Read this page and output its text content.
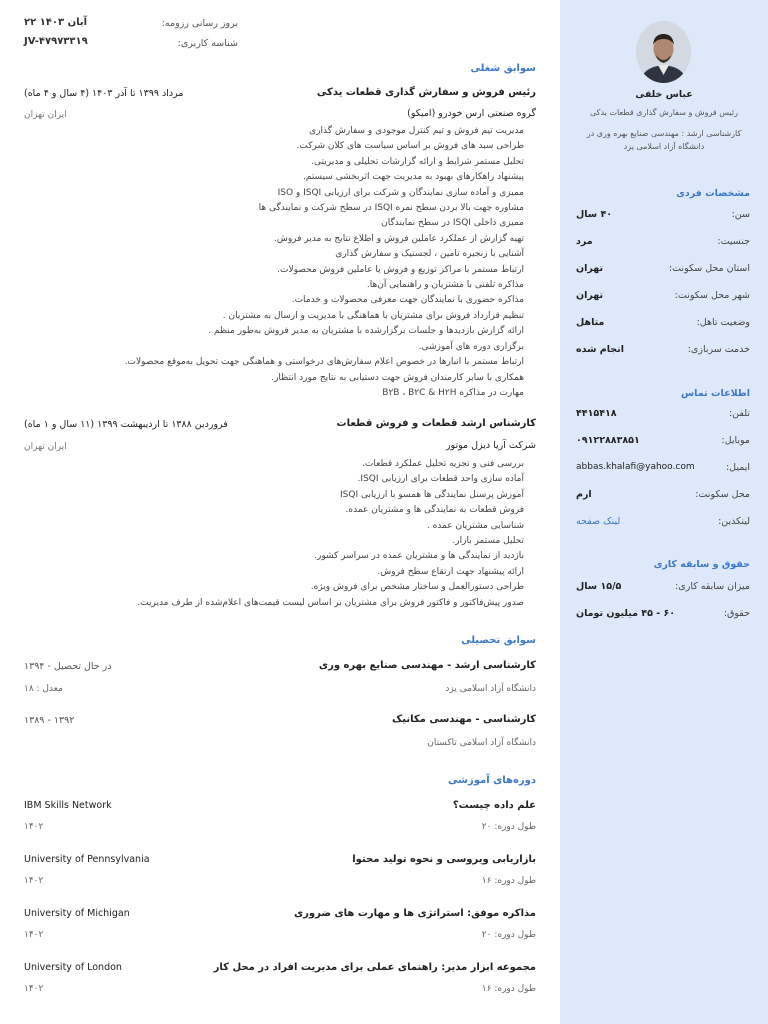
عباس خلفی
رئیس فروش و سفارش گذاری قطعات یدکی
کارشناسی ارشد : مهندسی صنایع بهره وری در
دانشگاه آزاد اسلامی یزد
مشخصات فردی
سن:
۴۰ سال
جنسیت:
مرد
استان محل سکونت:
تهران
شهر محل سکونت:
تهران
وضعیت تاهل:
متاهل
خدمت سربازی:
انجام شده
اطلاعات تماس
تلفن:
۴۴۱۵۴۱۸
موبایل:
۰۹۱۲۲۸۸۳۸۵۱
ایمیل:
abbas.khalafi@yahoo.com
محل سکونت:
ارم
لینکدین:
لینک صفحه
حقوق و سابقه کاری
میزان سابقه کاری:
۱۵/۵ سال
حقوق:
۶۰ - ۴۵ میلیون تومان
بروز رسانی رزومه:
۲۲ آبان ۱۴۰۳
شناسه کاربری:
JV-۴۷۹۷۳۳۱۹
سوابق شغلی
رئیس فروش و سفارش گذاری قطعات یدکی
مرداد ۱۳۹۹ تا آذر ۱۴۰۳ (۴ سال و ۴ ماه)
گروه صنعتی ارس خودرو (امیکو)
ایران تهران
مدیریت تیم فروش و تیم کنترل موجودی و سفارش گذاری
طراحی سبد های فروش بر اساس سیاست های کلان شرکت.
تحلیل مستمر شرایط و ارائه گزارشات تحلیلی و مدیریتی.
پیشنهاد راهکارهای بهبود به مدیریت جهت اثربخشی سیستم.
ممیزی و آماده سازی نمایندگان و شرکت برای ارزیابی ISQI و ISO
مشاوره جهت بالا بردن سطح نمره ISQI در سطح شرکت و نمایندگی ها
ممیزی داخلی ISQI در سطح نمایندگان
تهیه گزارش از عملکرد عاملین فروش و اطلاع نتایج به مدیر فروش.
آشنایی با زنجیره تامین ، لجستیک و سفارش گذاری
ارتباط مستمر با مراکز توزیع و فروش یا عاملین فروش محصولات.
مذاکره تلفنی با مشتریان و راهنمایی آن‌ها.
مذاکره حضوری با نمایندگان جهت معرفی محصولات و خدمات.
تنظیم قرارداد فروش برای مشتریان با هماهنگی با مدیریت و ارسال به مشتریان .
ارائه گزارش بازدیدها و جلسات برگزارشده با مشتریان به مدیر فروش به‌طور منظم .
برگزاری دوره های آموزشی.
ارتباط مستمر با انبارها در خصوص اعلام سفارش‌های درخواستی و هماهنگی جهت تحویل به‌موقع محصولات.
همکاری با سایر کارمندان فروش جهت دستیابی به نتایج مورد انتظار.
مهارت در مذاکره B۲B ، B۲C & H۲H
کارشناس ارشد قطعات و فروش قطعات
فروردین ۱۳۸۸ تا اردیبهشت ۱۳۹۹ (۱۱ سال و ۱ ماه)
شرکت آریا دیزل موتور
ایران تهران
بررسی فنی و تجزیه تحلیل عملکرد قطعات.
آماده سازی واحد قطعات برای ارزیابی ISQI.
آموزش پرسنل نمایندگی ها همسو با ارزیابی ISQI
فروش قطعات به نمایندگی ها و مشتریان عمده.
شناسایی مشتریان عمده .
تحلیل مستمر بازار.
بازدید از نمایندگی ها و مشتریان عمده در سراسر کشور.
ارائه پیشنهاد جهت ارتقاع سطح فروش.
طراحی دستورالعمل و ساختار مشخص برای فروش ویژه.
صدور پیش‌فاکتور و فاکتور فروش برای مشتریان بر اساس لیست قیمت‌های اعلام‌شده از طرف مدیریت.
سوابق تحصیلی
کارشناسی ارشد - مهندسی صنایع بهره وری
در حال تحصیل - ۱۳۹۴
دانشگاه آزاد اسلامی یزد
معدل : ۱۸
کارشناسی - مهندسی مکانیک
۱۳۹۲ - ۱۳۸۹
دانشگاه آزاد اسلامی تاکستان
دوره‌های آموزشی
علم داده چیست؟
IBM Skills Network
طول دوره: ۲۰
۱۴۰۲
بازاریابی ویروسی و نحوه تولید محتوا
University of Pennsylvania
طول دوره: ۱۶
۱۴۰۲
مذاکره موفق: استراتژی ها و مهارت های ضروری
University of Michigan
طول دوره: ۲۰
۱۴۰۲
مجموعه ابزار مدیر: راهنمای عملی برای مدیریت افراد در محل کار
University of London
طول دوره: ۱۶
۱۴۰۲
